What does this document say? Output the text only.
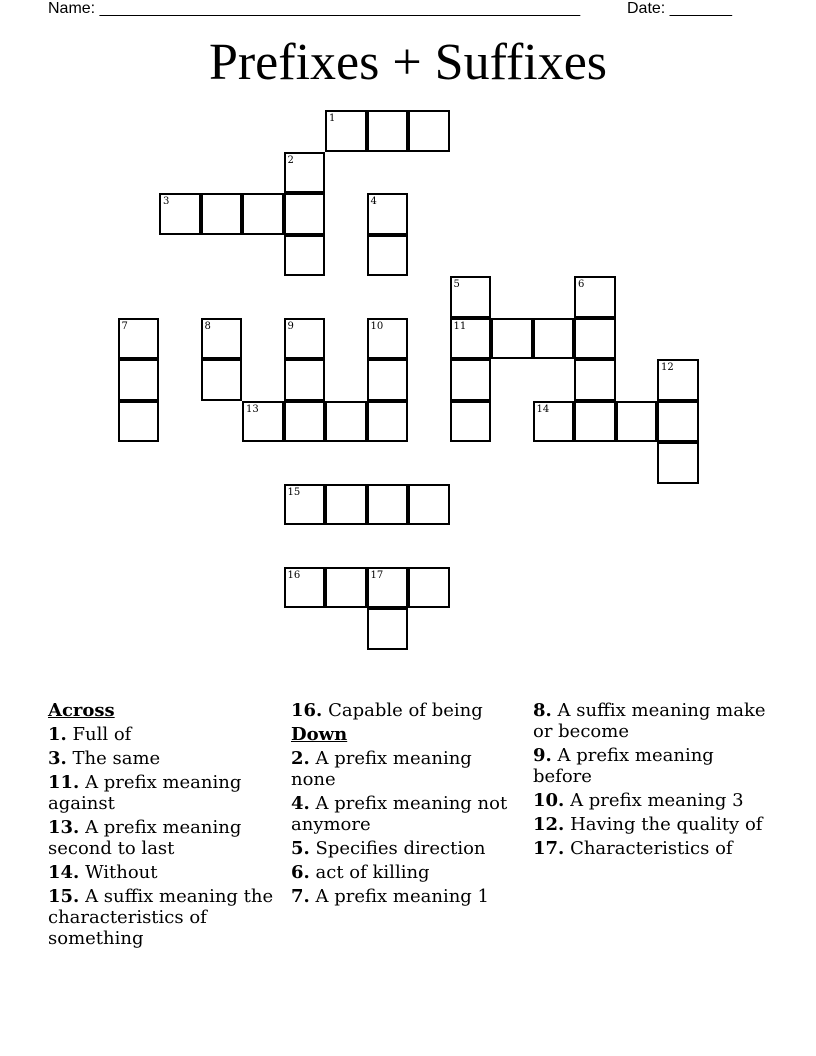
Name: ______________________________________________________	Date: _______
Prefixes + Suffixes
1
2
3	4
5	6
7	8	9	10	11
12
13	14
15
16	17
Across
1. Full of
3. The same
11. A prefix meaning against
13. A prefix meaning second to last
14. Without
15. A suffix meaning the characteristics of something
16. Capable of being
Down
2. A prefix meaning none
4. A prefix meaning not anymore
5. Specifies direction
6. act of killing
7. A prefix meaning 1
8. A suffix meaning make or become
9. A prefix meaning before
10. A prefix meaning 3
12. Having the quality of
17. Characteristics of
